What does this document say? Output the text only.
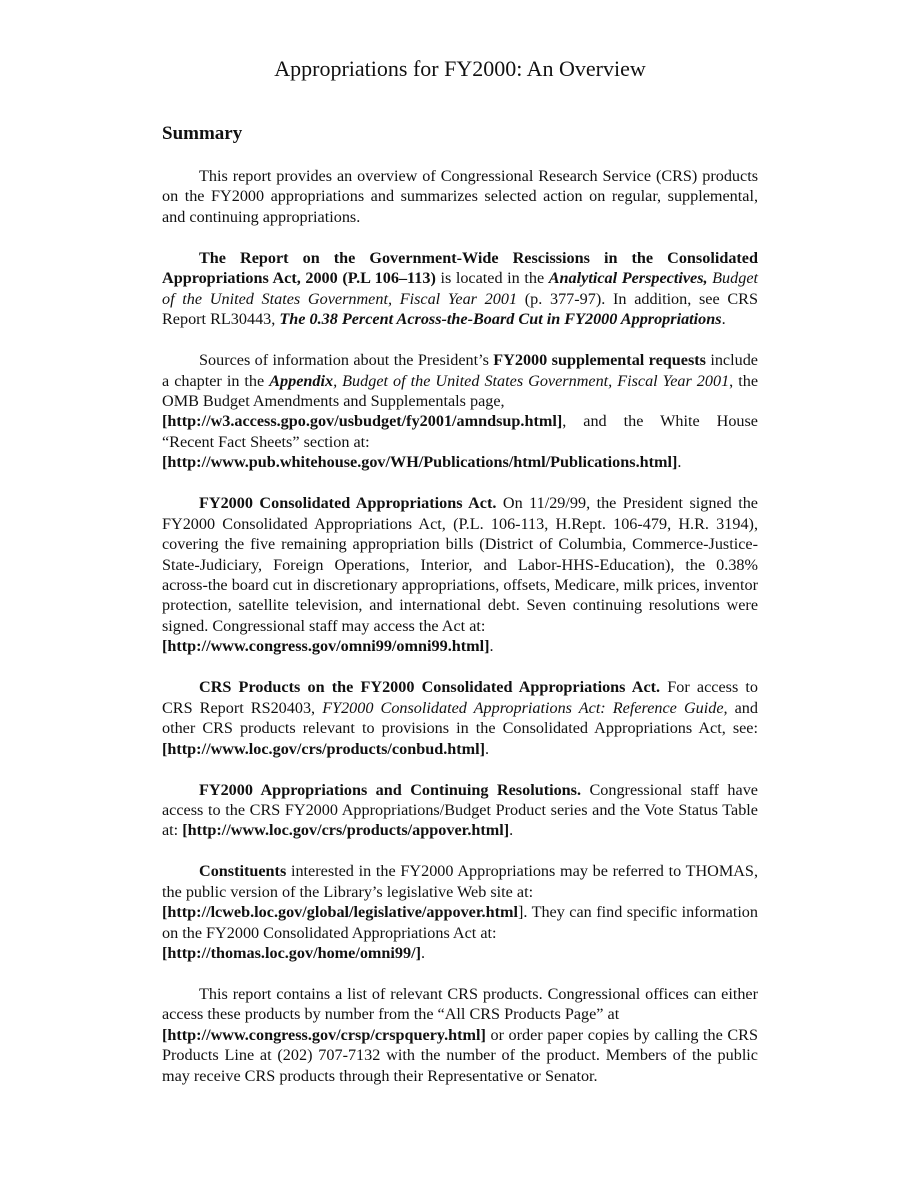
Appropriations for FY2000: An Overview
Summary

This report provides an overview of Congressional Research Service (CRS) products on the FY2000 appropriations and summarizes selected action on regular, supplemental, and continuing appropriations.

The Report on the Government-Wide Rescissions in the Consolidated Appropriations Act, 2000 (P.L 106–113) is located in the Analytical Perspectives, Budget of the United States Government, Fiscal Year 2001 (p. 377-97). In addition, see CRS Report RL30443, The 0.38 Percent Across-the-Board Cut in FY2000 Appropriations.

Sources of information about the President’s FY2000 supplemental requests include a chapter in the Appendix, Budget of the United States Government, Fiscal Year 2001, the OMB Budget Amendments and Supplementals page,
[http://w3.access.gpo.gov/usbudget/fy2001/amndsup.html], and the White House “Recent Fact Sheets” section at:
[http://www.pub.whitehouse.gov/WH/Publications/html/Publications.html].

FY2000 Consolidated Appropriations Act. On 11/29/99, the President signed the FY2000 Consolidated Appropriations Act, (P.L. 106-113, H.Rept. 106-479, H.R. 3194), covering the five remaining appropriation bills (District of Columbia, Commerce-Justice-State-Judiciary, Foreign Operations, Interior, and Labor-HHS-Education), the 0.38% across-the board cut in discretionary appropriations, offsets, Medicare, milk prices, inventor protection, satellite television, and international debt. Seven continuing resolutions were signed. Congressional staff may access the Act at:
[http://www.congress.gov/omni99/omni99.html].

CRS Products on the FY2000 Consolidated Appropriations Act. For access to CRS Report RS20403, FY2000 Consolidated Appropriations Act: Reference Guide, and other CRS products relevant to provisions in the Consolidated Appropriations Act, see: [http://www.loc.gov/crs/products/conbud.html].

FY2000 Appropriations and Continuing Resolutions. Congressional staff have access to the CRS FY2000 Appropriations/Budget Product series and the Vote Status Table at: [http://www.loc.gov/crs/products/appover.html].

Constituents interested in the FY2000 Appropriations may be referred to THOMAS, the public version of the Library’s legislative Web site at:
[http://lcweb.loc.gov/global/legislative/appover.html]. They can find specific information on the FY2000 Consolidated Appropriations Act at:
[http://thomas.loc.gov/home/omni99/].

This report contains a list of relevant CRS products. Congressional offices can either access these products by number from the “All CRS Products Page” at
[http://www.congress.gov/crsp/crspquery.html] or order paper copies by calling the CRS Products Line at (202) 707-7132 with the number of the product. Members of the public may receive CRS products through their Representative or Senator.
